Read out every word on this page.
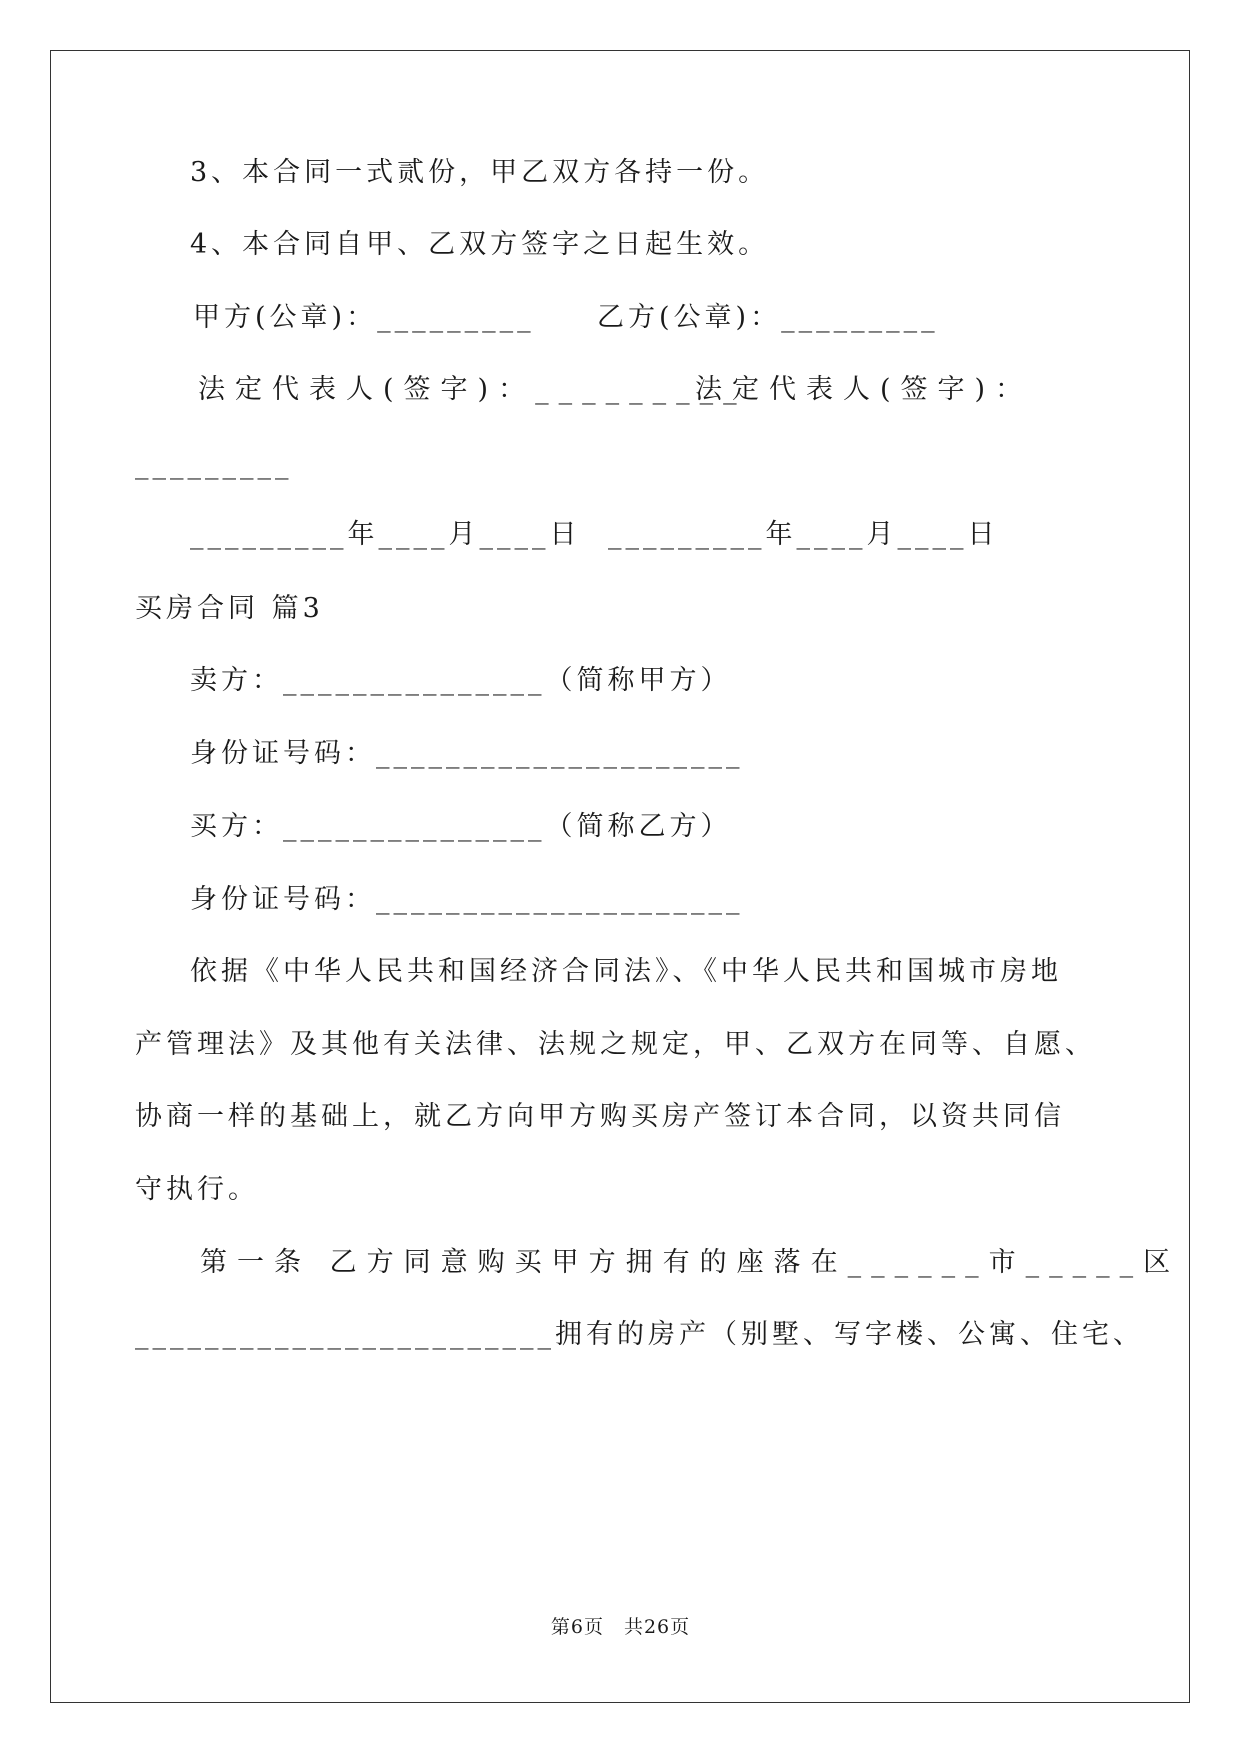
3、本合同一式贰份，甲乙双方各持一份。
4、本合同自甲、乙双方签字之日起生效。
甲方(公章)：_________ 乙方(公章)：_________
法定代表人(签字)：_________
法定代表人(签字)：
_________
_________年____月____日 _________年____月____日
买房合同 篇3
卖方：_______________（简称甲方）
身份证号码：_____________________
买方：_______________（简称乙方）
身份证号码：_____________________
依据《中华人民共和国经济合同法》、《中华人民共和国城市房地
产管理法》及其他有关法律、法规之规定，甲、乙双方在同等、自愿、
协商一样的基础上，就乙方向甲方购买房产签订本合同，以资共同信
守执行。
第一条 乙方同意购买甲方拥有的座落在______市_____区
________________________拥有的房产（别墅、写字楼、公寓、住宅、
第6页　共26页
